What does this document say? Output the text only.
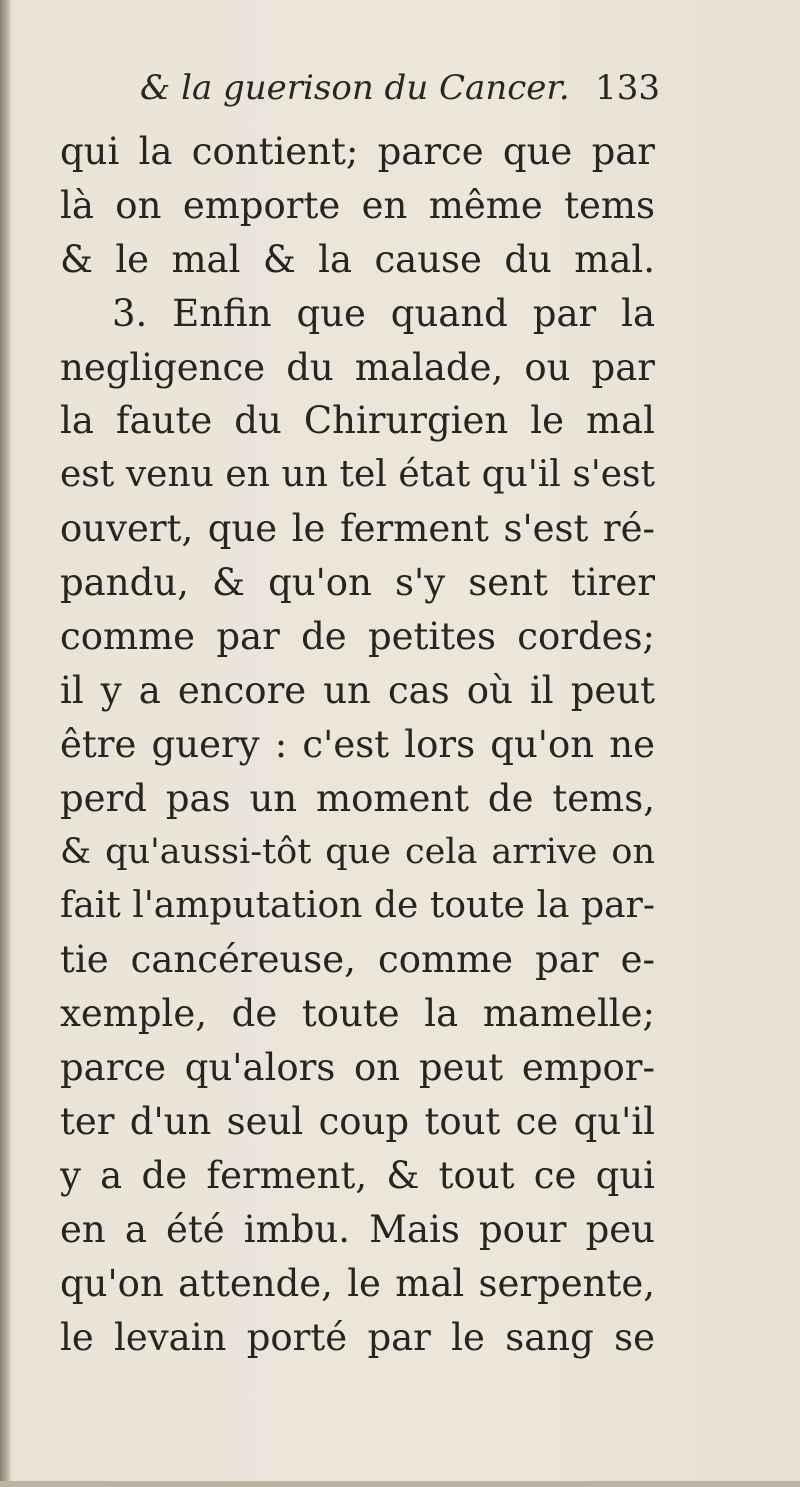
& la guerison du Cancer. 133
qui la contient; parce que par
là on emporte en même tems
& le mal & la cause du mal.
3. Enfin que quand par la
negligence du malade, ou par
la faute du Chirurgien le mal
est venu en un tel état qu'il s'est
ouvert, que le ferment s'est ré-
pandu, & qu'on s'y sent tirer
comme par de petites cordes;
il y a encore un cas où il peut
être guery : c'est lors qu'on ne
perd pas un moment de tems,
& qu'aussi-tôt que cela arrive on
fait l'amputation de toute la par-
tie cancéreuse, comme par e-
xemple, de toute la mamelle;
parce qu'alors on peut empor-
ter d'un seul coup tout ce qu'il
y a de ferment, & tout ce qui
en a été imbu. Mais pour peu
qu'on attende, le mal serpente,
le levain porté par le sang se
